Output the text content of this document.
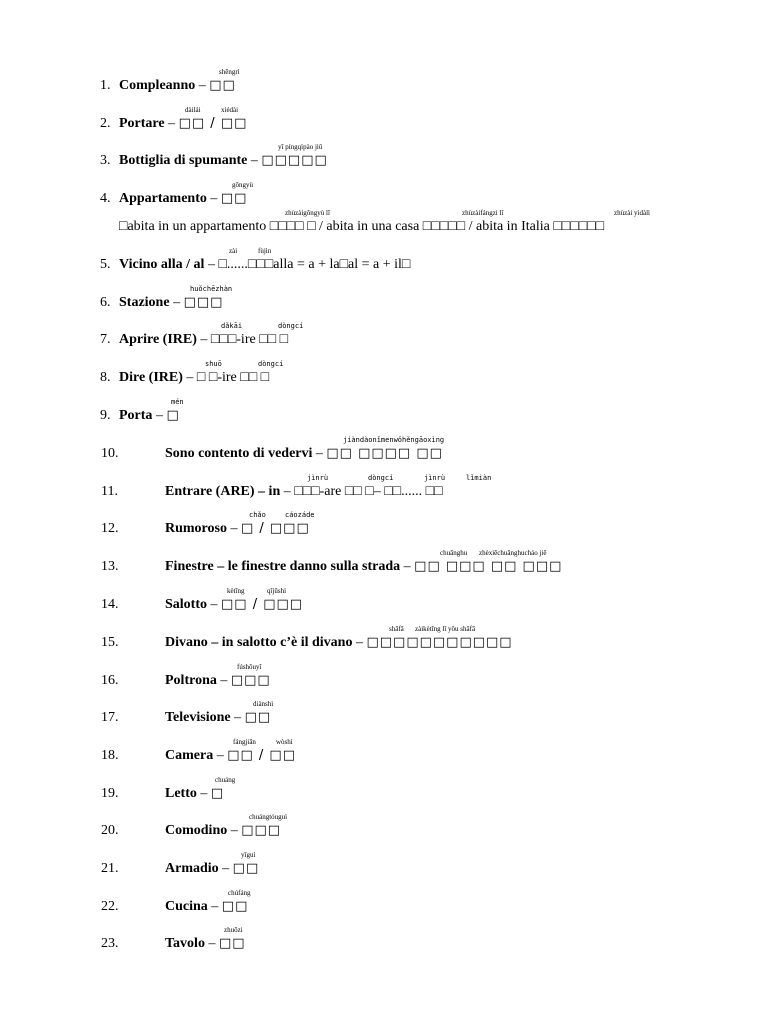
1. Compleanno – □□
shēngrì
2. Portare – □□ / □□
dàilái	xiédài
3. Bottiglia di spumante – □□□□□
yī píngqìpào jiǔ
4. Appartamento – □□
gōngyù
□abita in un appartamento □□□□ □ / abita in una casa □□□□□ / abita in Italia □□□□□□
zhùzàigōngyù lǐ	zhùzàifángzi lǐ	zhùzài yìdàlì
5. Vicino alla / al – □......□□□alla = a + la□al = a + il□
zài	fùjìn
6. Stazione – □□□
huǒchēzhàn
7. Aprire (IRE) – □□□-ire □□ □
dǎkāi	dòngcí
8. Dire (IRE) – □ □-ire □□ □
shuō	dòngcí
9. Porta – □
mén
10.	Sono contento di vedervi – □□ □□□□ □□
jiàndàonǐmenwǒhěngāoxìng
11.	Entrare (ARE) – in – □□□-are □□ □– □□...... □□
jìnrù	dòngcí	jìnrù	lǐmiàn
12.	Rumoroso – □ / □□□
chǎo	cáozáde
13.	Finestre – le finestre danno sulla strada – □□ □□□ □□ □□□
chuānghu zhèxiēchuānghucháo jiē
14.	Salotto – □□ / □□□
kètīng	qǐjūshì
15.	Divano – in salotto c’è il divano – □□□□□□□□□□□
shāfā zàikètīng lǐ yǒu shāfā
16.	Poltrona – □□□
fúshǒuyǐ
17.	Televisione – □□
diànshì
18.	Camera – □□ / □□
fángjiān	wòshì
19.	Letto – □
chuáng
20.	Comodino – □□□
chuángtóuguì
21.	Armadio – □□
yīguì
22.	Cucina – □□
chúfáng
23.	Tavolo – □□
zhuōzi
